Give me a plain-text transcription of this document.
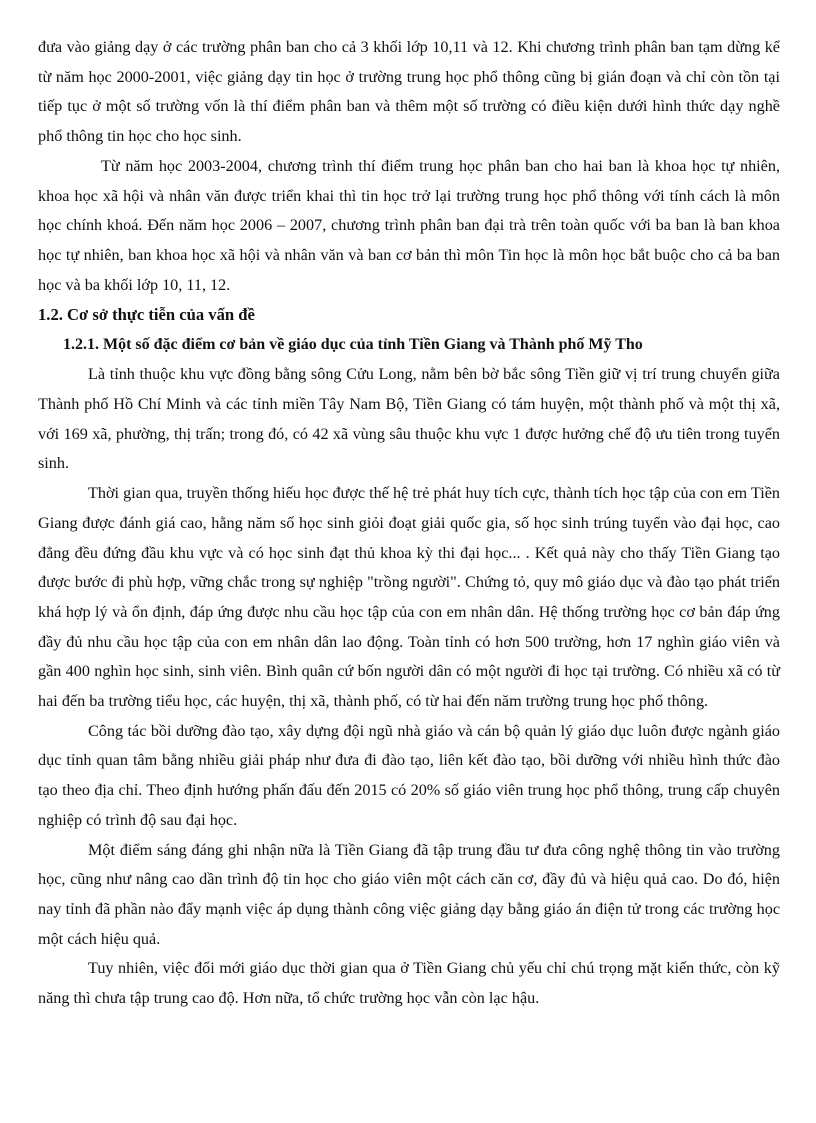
đưa vào giảng dạy ở các trường phân ban cho cả 3 khối lớp 10,11 và 12. Khi chương trình phân ban tạm dừng kể từ năm học 2000-2001, việc giảng dạy tin học ở trường trung học phổ thông cũng bị gián đoạn và chỉ còn tồn tại tiếp tục ở một số trường vốn là thí điểm phân ban và thêm một số trường có điều kiện dưới hình thức dạy nghề phổ thông tin học cho học sinh.

Từ năm học 2003-2004, chương trình thí điểm trung học phân ban cho hai ban là khoa học tự nhiên, khoa học xã hội và nhân văn được triển khai thì tin học trở lại trường trung học phổ thông với tính cách là môn học chính khoá. Đến năm học 2006 – 2007, chương trình phân ban đại trà trên toàn quốc với ba ban là ban khoa học tự nhiên, ban khoa học xã hội và nhân văn và ban cơ bản thì môn Tin học là môn học bắt buộc cho cả ba ban học và ba khối lớp 10, 11, 12.

1.2. Cơ sở thực tiễn của vấn đề
1.2.1. Một số đặc điểm cơ bản về giáo dục của tỉnh Tiền Giang và Thành phố Mỹ Tho

Là tỉnh thuộc khu vực đồng bằng sông Cửu Long, nằm bên bờ bắc sông Tiền giữ vị trí trung chuyển giữa Thành phố Hồ Chí Minh và các tỉnh miền Tây Nam Bộ, Tiền Giang có tám huyện, một thành phố và một thị xã, với 169 xã, phường, thị trấn; trong đó, có 42 xã vùng sâu thuộc khu vực 1 được hưởng chế độ ưu tiên trong tuyển sinh.

Thời gian qua, truyền thống hiếu học được thế hệ trẻ phát huy tích cực, thành tích học tập của con em Tiền Giang được đánh giá cao, hằng năm số học sinh giỏi đoạt giải quốc gia, số học sinh trúng tuyển vào đại học, cao đẳng đều đứng đầu khu vực và có học sinh đạt thủ khoa kỳ thi đại học... . Kết quả này cho thấy Tiền Giang tạo được bước đi phù hợp, vững chắc trong sự nghiệp "trồng người". Chứng tỏ, quy mô giáo dục và đào tạo phát triển khá hợp lý và ổn định, đáp ứng được nhu cầu học tập của con em nhân dân. Hệ thống trường học cơ bản đáp ứng đầy đủ nhu cầu học tập của con em nhân dân lao động. Toàn tỉnh có hơn 500 trường, hơn 17 nghìn giáo viên và gần 400 nghìn học sinh, sinh viên. Bình quân cứ bốn người dân có một người đi học tại trường. Có nhiều xã có từ hai đến ba trường tiểu học, các huyện, thị xã, thành phố, có từ hai đến năm trường trung học phổ thông.

Công tác bồi dưỡng đào tạo, xây dựng đội ngũ nhà giáo và cán bộ quản lý giáo dục luôn được ngành giáo dục tỉnh quan tâm bằng nhiều giải pháp như đưa đi đào tạo, liên kết đào tạo, bồi dưỡng với nhiều hình thức đào tạo theo địa chỉ. Theo định hướng phấn đấu đến 2015 có 20% số giáo viên trung học phổ thông, trung cấp chuyên nghiệp có trình độ sau đại học.

Một điểm sáng đáng ghi nhận nữa là Tiền Giang đã tập trung đầu tư đưa công nghệ thông tin vào trường học, cũng như nâng cao dần trình độ tin học cho giáo viên một cách căn cơ, đầy đủ và hiệu quả cao. Do đó, hiện nay tỉnh đã phần nào đẩy mạnh việc áp dụng thành công việc giảng dạy bằng giáo án điện tử trong các trường học một cách hiệu quả.

Tuy nhiên, việc đổi mới giáo dục thời gian qua ở Tiền Giang chủ yếu chỉ chú trọng mặt kiến thức, còn kỹ năng thì chưa tập trung cao độ. Hơn nữa, tổ chức trường học vẫn còn lạc hậu.
